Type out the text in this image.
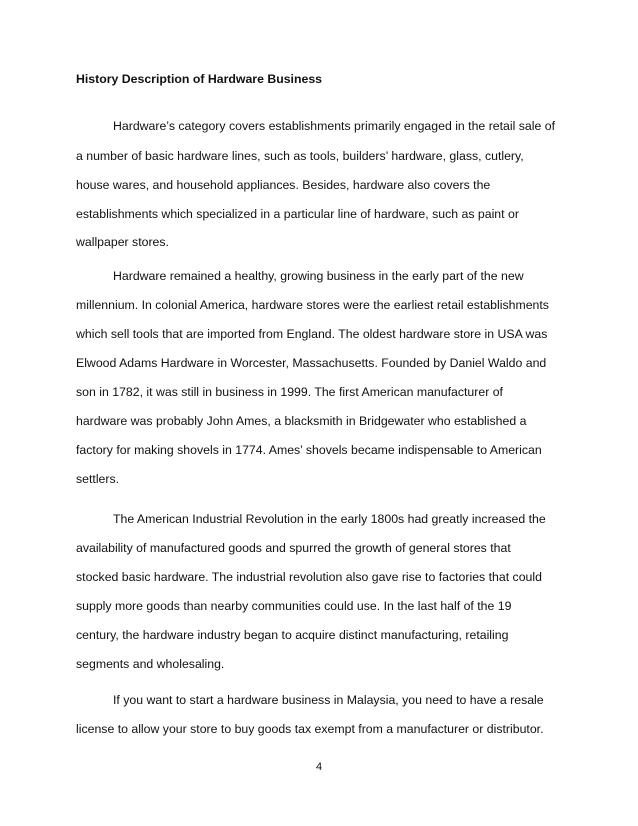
History Description of Hardware Business
Hardware’s category covers establishments primarily engaged in the retail sale of
a number of basic hardware lines, such as tools, builders’ hardware, glass, cutlery,
house wares, and household appliances. Besides, hardware also covers the
establishments which specialized in a particular line of hardware, such as paint or
wallpaper stores.
Hardware remained a healthy, growing business in the early part of the new
millennium. In colonial America, hardware stores were the earliest retail establishments
which sell tools that are imported from England. The oldest hardware store in USA was
Elwood Adams Hardware in Worcester, Massachusetts. Founded by Daniel Waldo and
son in 1782, it was still in business in 1999. The first American manufacturer of
hardware was probably John Ames, a blacksmith in Bridgewater who established a
factory for making shovels in 1774. Ames’ shovels became indispensable to American
settlers.
The American Industrial Revolution in the early 1800s had greatly increased the
availability of manufactured goods and spurred the growth of general stores that
stocked basic hardware. The industrial revolution also gave rise to factories that could
supply more goods than nearby communities could use. In the last half of the 19
century, the hardware industry began to acquire distinct manufacturing, retailing
segments and wholesaling.
If you want to start a hardware business in Malaysia, you need to have a resale
license to allow your store to buy goods tax exempt from a manufacturer or distributor.
4
